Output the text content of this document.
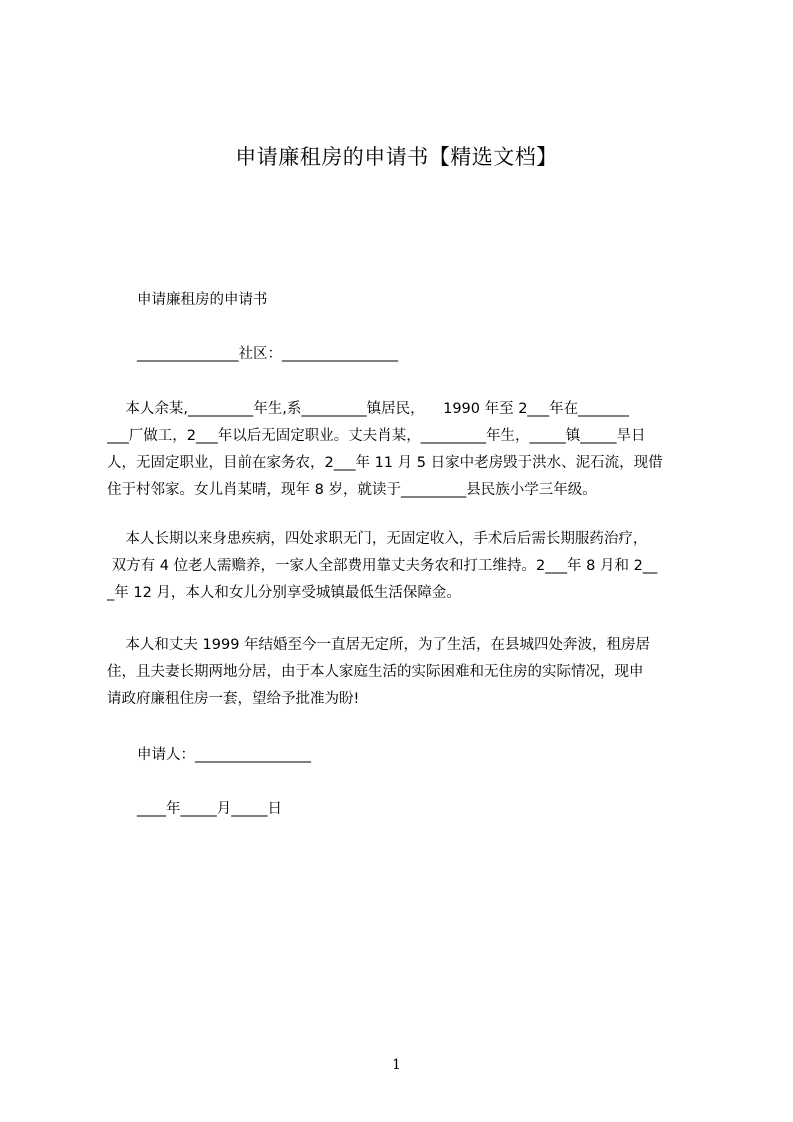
申请廉租房的申请书【精选文档】
申请廉租房的申请书
______________社区：________________
本人余某,_________年生,系_________镇居民，    1990 年至 2___年在_______
___厂做工，2___年以后无固定职业。丈夫肖某，_________年生，_____镇_____旱日
人，无固定职业，目前在家务农，2___年 11 月 5 日家中老房毁于洪水、泥石流，现借
住于村邻家。女儿肖某晴，现年 8 岁，就读于_________县民族小学三年级。
本人长期以来身患疾病，四处求职无门，无固定收入，手术后后需长期服药治疗，
双方有 4 位老人需赡养，一家人全部费用靠丈夫务农和打工维持。2___年 8 月和 2__
_年 12 月，本人和女儿分别享受城镇最低生活保障金。
本人和丈夫 1999 年结婚至今一直居无定所，为了生活，在县城四处奔波，租房居
住，且夫妻长期两地分居，由于本人家庭生活的实际困难和无住房的实际情况，现申
请政府廉租住房一套，望给予批准为盼!
申请人：________________
____年_____月_____日
1
